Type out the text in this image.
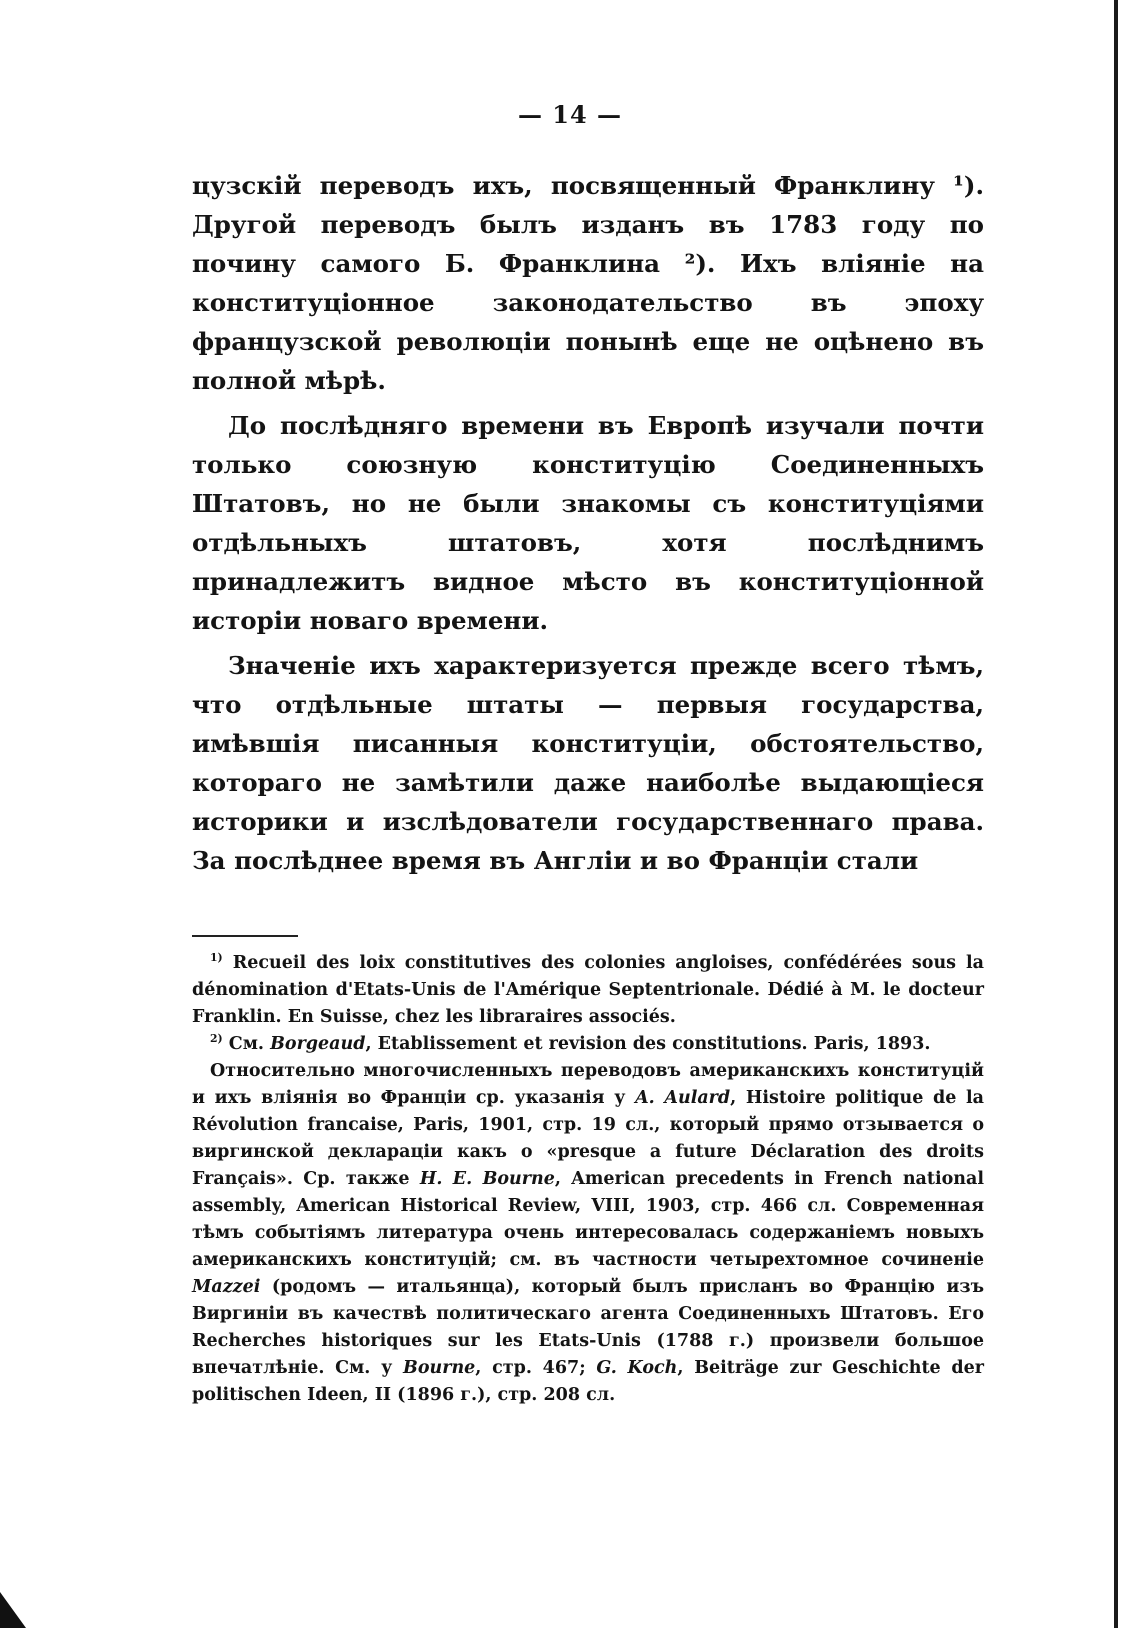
— 14 —

цузскій переводъ ихъ, посвященный Франклину ¹). Другой переводъ былъ изданъ въ 1783 году по почину самого Б. Франклина ²). Ихъ вліяніе на конституціонное законодательство въ эпоху французской революціи понынѣ еще не оцѣнено въ полной мѣрѣ.

До послѣдняго времени въ Европѣ изучали почти только союзную конституцію Соединенныхъ Штатовъ, но не были знакомы съ конституціями отдѣльныхъ штатовъ, хотя послѣднимъ принадлежитъ видное мѣсто въ конституціонной исторіи новаго времени.

Значеніе ихъ характеризуется прежде всего тѣмъ, что отдѣльные штаты — первыя государства, имѣвшія писанныя конституціи, обстоятельство, котораго не замѣтили даже наиболѣе выдающіеся историки и изслѣдователи государственнаго права. За послѣднее время въ Англіи и во Франціи стали

$^{1)}$ Recueil des loix constitutives des colonies angloises, confédérées sous la dénomination d'Etats-Unis de l'Amérique Septentrionale. Dédié à M. le docteur Franklin. En Suisse, chez les libraraires associés.

$^{2)}$ См. Borgeaud, Etablissement et revision des constitutions. Paris, 1893.

Относительно многочисленныхъ переводовъ американскихъ конституцій и ихъ вліянія во Франціи ср. указанія у A. Aulard, Histoire politique de la Révolution francaise, Paris, 1901, стр. 19 сл., который прямо отзывается о виргинской декларацiи какъ о «presque a future Déclaration des droits Français». Ср. также H. E. Bourne, American precedents in French national assembly, American Historical Review, VIII, 1903, стр. 466 сл. Современная тѣмъ событіямъ литература очень интересовалась содержаніемъ новыхъ американскихъ конституцій; см. въ частности четырехтомное сочиненіе Mazzei (родомъ — итальянца), который былъ присланъ во Францію изъ Виргиніи въ качествѣ политическаго агента Соединенныхъ Штатовъ. Его Recherches historiques sur les Etats-Unis (1788 г.) произвели большое впечатлѣніе. См. у Bourne, стр. 467; G. Koch, Beiträge zur Geschichte der politischen Ideen, II (1896 г.), стр. 208 сл.
